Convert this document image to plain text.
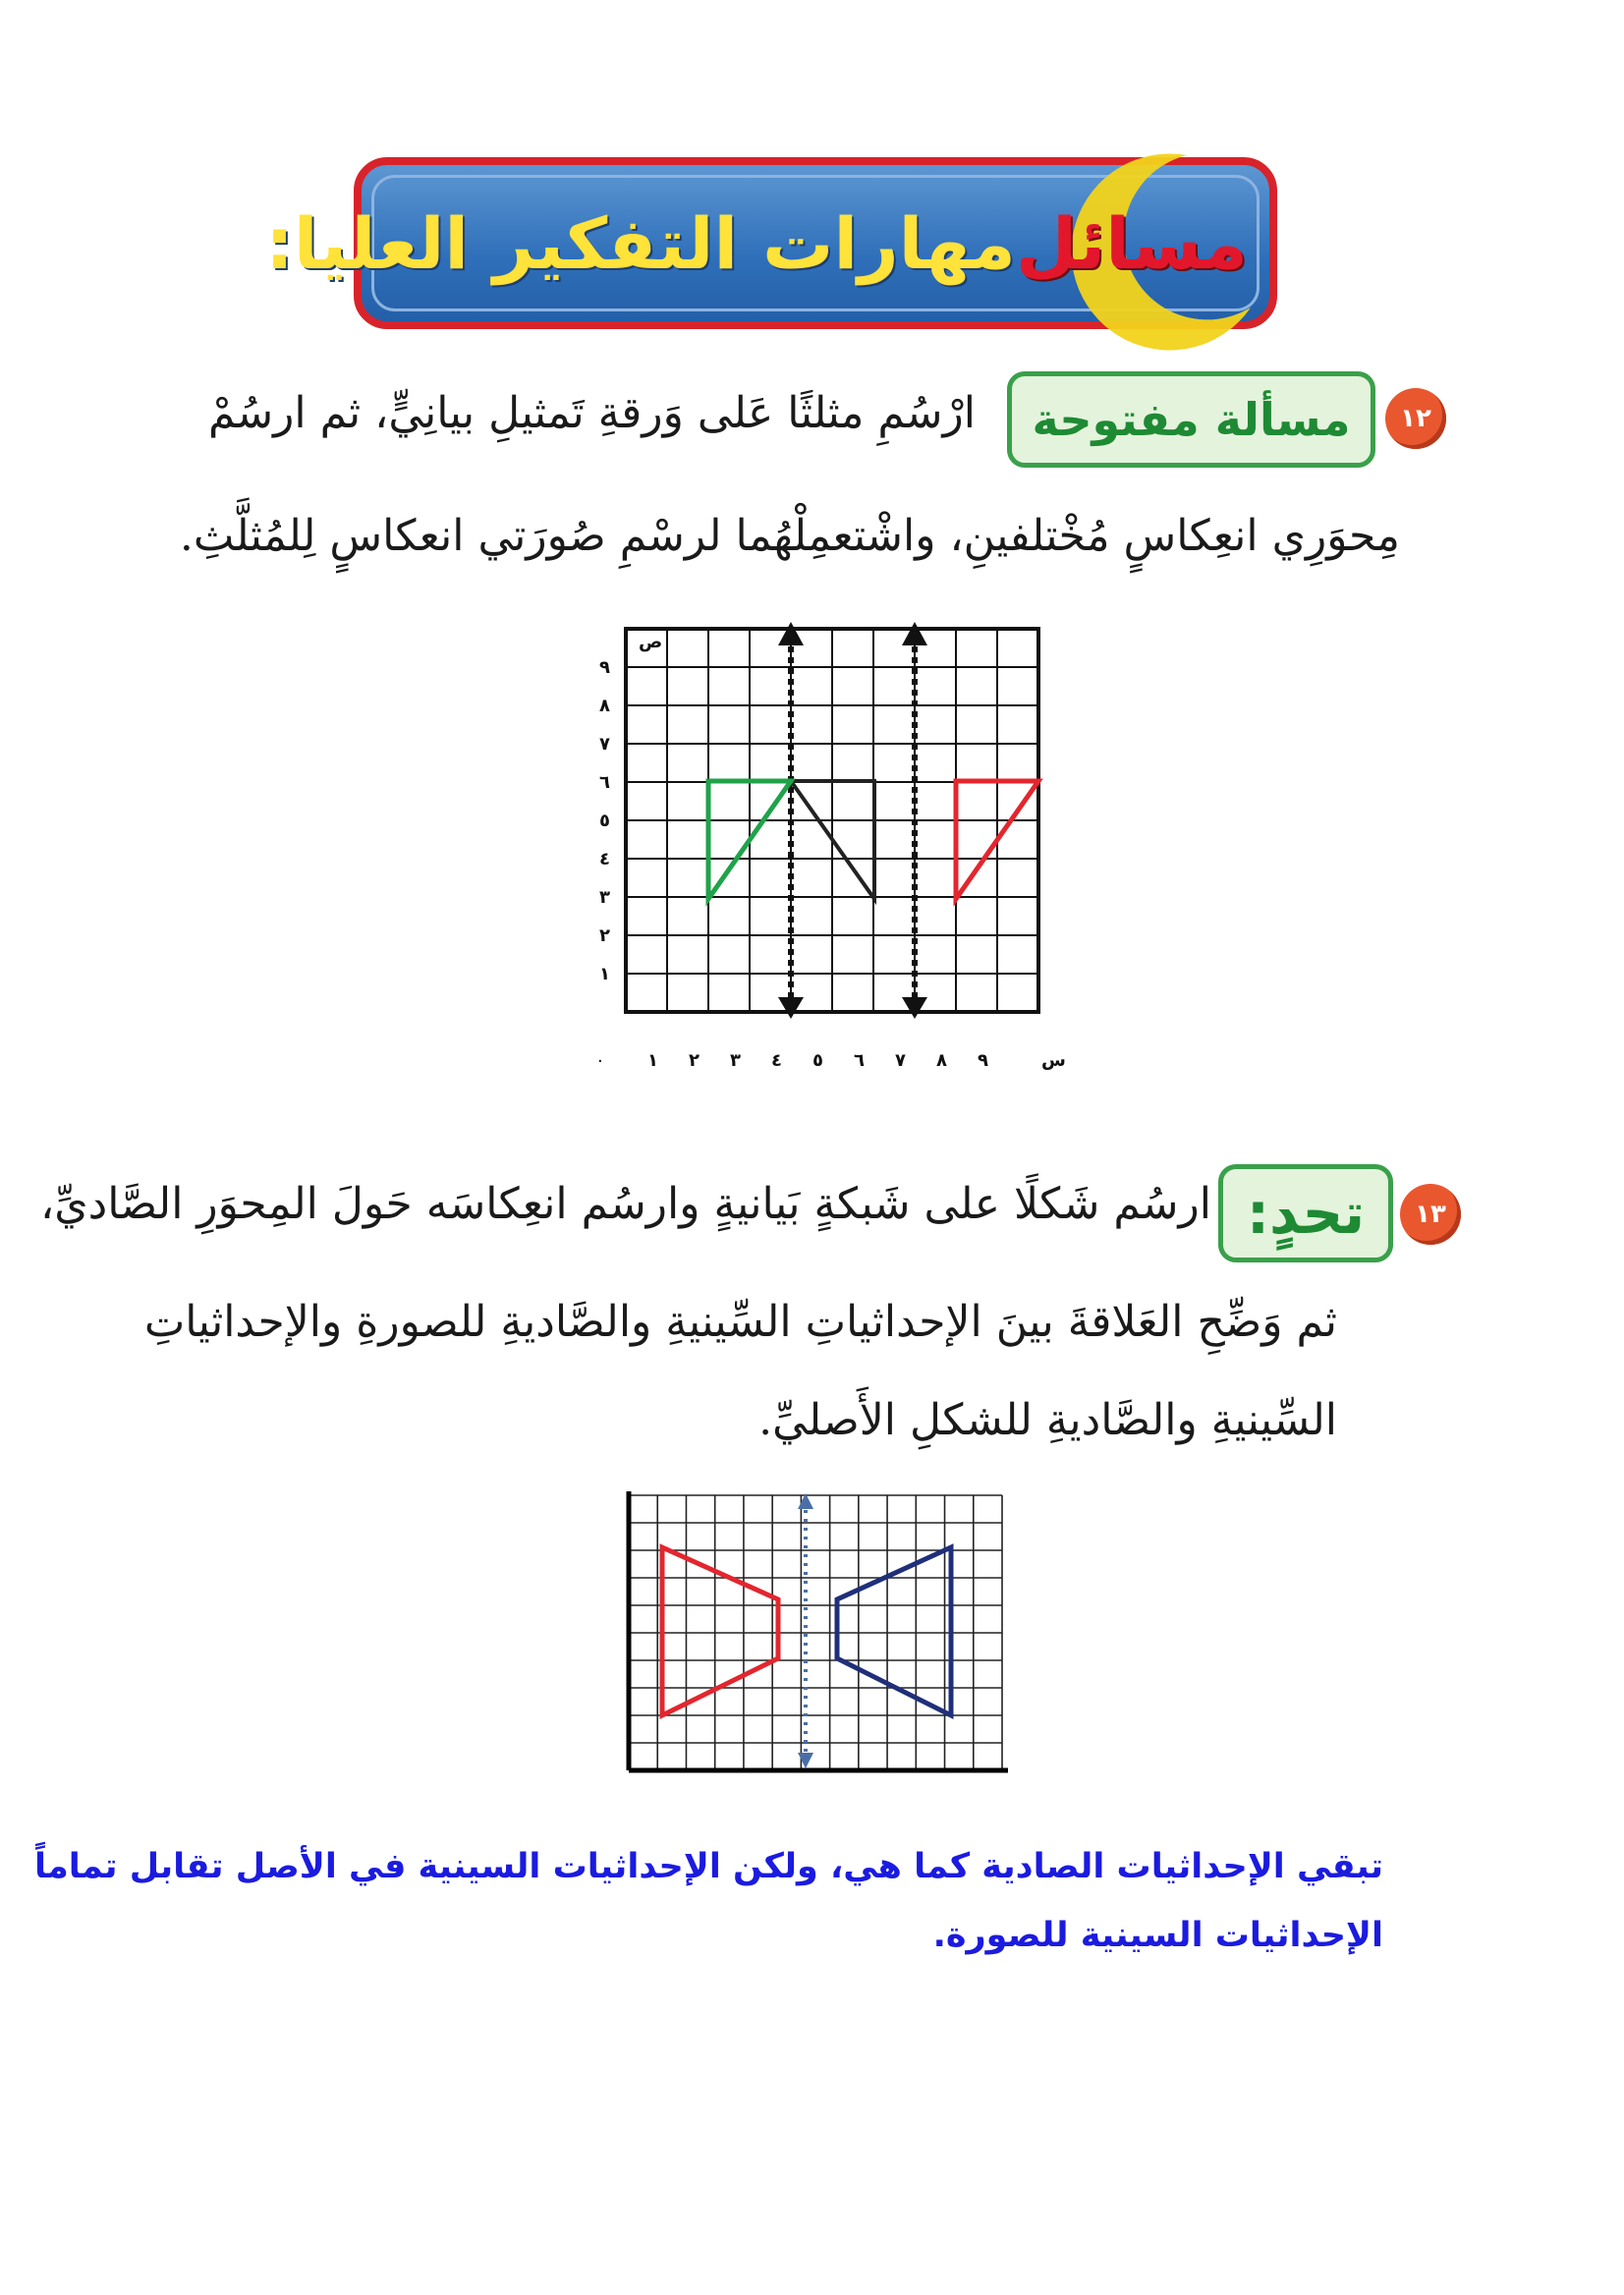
مسائل
مهارات التفكير العليا:
١٢
مسألة مفتوحة
ارْسُمِ مثلثًا عَلى وَرقةِ تَمثيلِ بيانِيٍّ، ثم ارسُمْ
مِحوَرِي انعِكاسٍ مُخْتلفينِ، واشْتعمِلْهُما لرسْمِ صُورَتي انعكاسٍ لِلمُثلَّثِ.
ص
س
٠
١
٢
٣
٤
٥
٦
٧
٨
٩
١ ٢ ٣ ٤ ٥ ٦ ٧ ٨ ٩
١٣
تحدٍ:
ارسُم شَكلًا على شَبكةٍ بَيانيةٍ وارسُم انعِكاسَه حَولَ المِحوَرِ الصَّاديِّ،
ثم وَضِّحِ العَلاقةَ بينَ الإحداثياتِ السِّينيةِ والصَّاديةِ للصورةِ والإحداثياتِ
السِّينيةِ والصَّاديةِ للشكلِ الأَصليِّ.
تبقي الإحداثيات الصادية كما هي، ولكن الإحداثيات السينية في الأصل تقابل تماماً
الإحداثيات السينية للصورة.
